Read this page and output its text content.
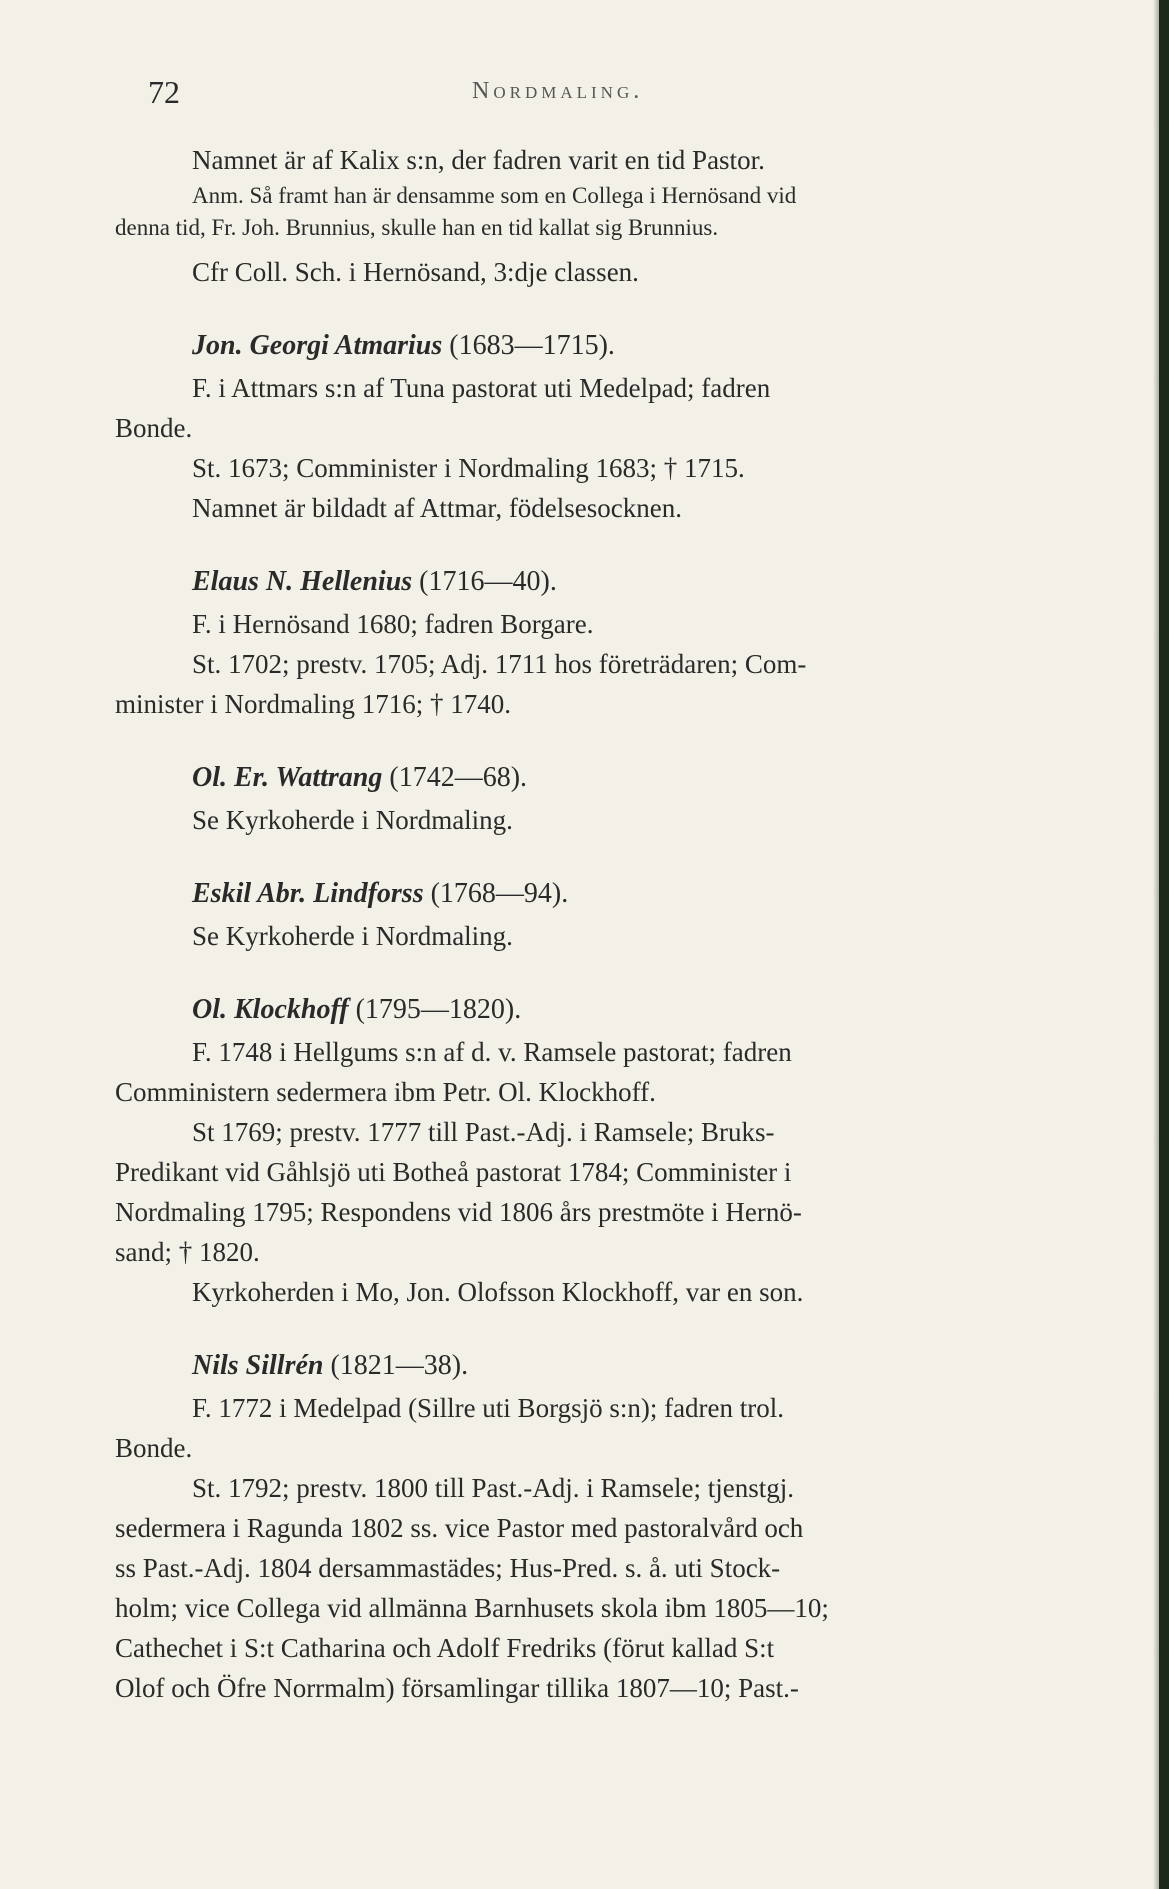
72	Nordmaling.
Namnet är af Kalix s:n, der fadren varit en tid Pastor.
Anm. Så framt han är densamme som en Collega i Hernösand vid
denna tid, Fr. Joh. Brunnius, skulle han en tid kallat sig Brunnius.
Cfr Coll. Sch. i Hernösand, 3:dje classen.
Jon. Georgi Atmarius (1683—1715).
F. i Attmars s:n af Tuna pastorat uti Medelpad; fadren
Bonde.
St. 1673; Comminister i Nordmaling 1683; † 1715.
Namnet är bildadt af Attmar, födelsesocknen.
Elaus N. Hellenius (1716—40).
F. i Hernösand 1680; fadren Borgare.
St. 1702; prestv. 1705; Adj. 1711 hos företrädaren; Com-
minister i Nordmaling 1716; † 1740.
Ol. Er. Wattrang (1742—68).
Se Kyrkoherde i Nordmaling.
Eskil Abr. Lindforss (1768—94).
Se Kyrkoherde i Nordmaling.
Ol. Klockhoff (1795—1820).
F. 1748 i Hellgums s:n af d. v. Ramsele pastorat; fadren
Comministern sedermera ibm Petr. Ol. Klockhoff.
St 1769; prestv. 1777 till Past.-Adj. i Ramsele; Bruks-
Predikant vid Gåhlsjö uti Botheå pastorat 1784; Comminister i
Nordmaling 1795; Respondens vid 1806 års prestmöte i Hernö-
sand; † 1820.
Kyrkoherden i Mo, Jon. Olofsson Klockhoff, var en son.
Nils Sillrén (1821—38).
F. 1772 i Medelpad (Sillre uti Borgsjö s:n); fadren trol.
Bonde.
St. 1792; prestv. 1800 till Past.-Adj. i Ramsele; tjenstgj.
sedermera i Ragunda 1802 ss. vice Pastor med pastoralvård och
ss Past.-Adj. 1804 dersammastädes; Hus-Pred. s. å. uti Stock-
holm; vice Collega vid allmänna Barnhusets skola ibm 1805—10;
Cathechet i S:t Catharina och Adolf Fredriks (förut kallad S:t
Olof och Öfre Norrmalm) församlingar tillika 1807—10; Past.-
